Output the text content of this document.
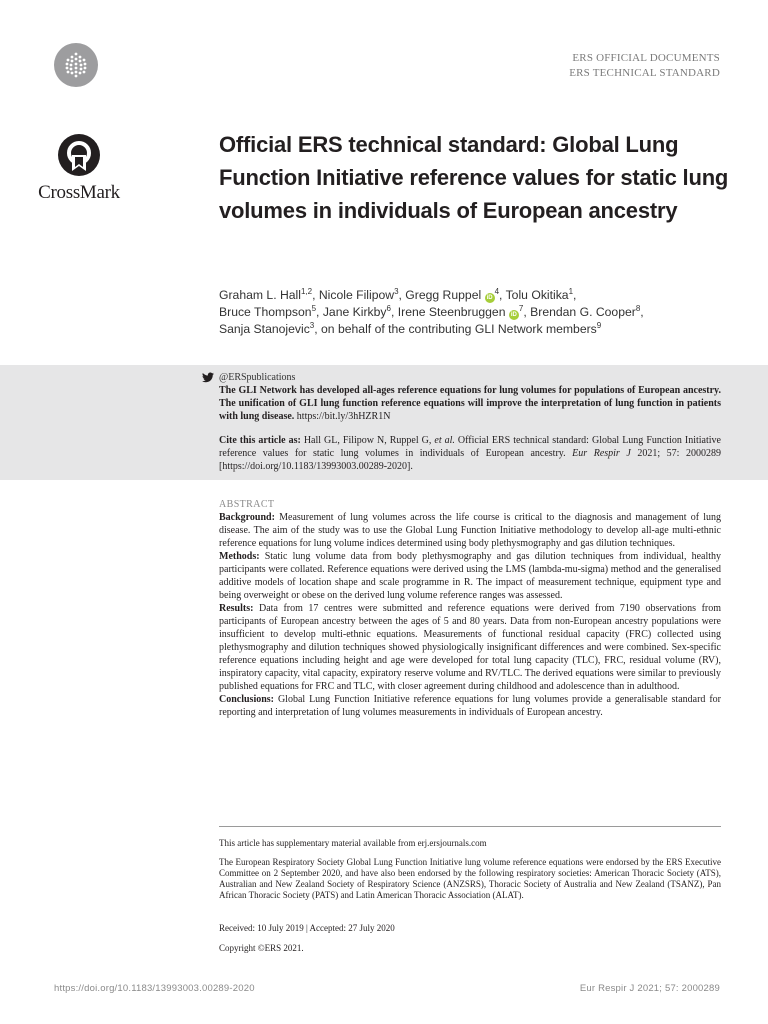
ERS OFFICIAL DOCUMENTS
ERS TECHNICAL STANDARD
CrossMark
Official ERS technical standard: Global Lung Function Initiative reference values for static lung volumes in individuals of European ancestry
Graham L. Hall$^{1,2}$, Nicole Filipow$^3$, Gregg Ruppel $iD^4$, Tolu Okitika$^1$,
Bruce Thompson$^5$, Jane Kirkby$^6$, Irene Steenbruggen $iD^7$, Brendan G. Cooper$^8$,
Sanja Stanojevic$^3$, on behalf of the contributing GLI Network members$^9$
@ERSpublications
The GLI Network has developed all-ages reference equations for lung volumes for populations of European ancestry. The unification of GLI lung function reference equations will improve the interpretation of lung function in patients with lung disease. https://bit.ly/3hHZR1N
Cite this article as: Hall GL, Filipow N, Ruppel G, et al. Official ERS technical standard: Global Lung Function Initiative reference values for static lung volumes in individuals of European ancestry. Eur Respir J 2021; 57: 2000289 [https://doi.org/10.1183/13993003.00289-2020].
ABSTRACT

Background: Measurement of lung volumes across the life course is critical to the diagnosis and management of lung disease. The aim of the study was to use the Global Lung Function Initiative methodology to develop all-age multi-ethnic reference equations for lung volume indices determined using body plethysmography and gas dilution techniques.

Methods: Static lung volume data from body plethysmography and gas dilution techniques from individual, healthy participants were collated. Reference equations were derived using the LMS (lambda-mu-sigma) method and the generalised additive models of location shape and scale programme in R. The impact of measurement technique, equipment type and being overweight or obese on the derived lung volume reference ranges was assessed.

Results: Data from 17 centres were submitted and reference equations were derived from 7190 observations from participants of European ancestry between the ages of 5 and 80 years. Data from non-European ancestry populations were insufficient to develop multi-ethnic equations. Measurements of functional residual capacity (FRC) collected using plethysmography and dilution techniques showed physiologically insignificant differences and were combined. Sex-specific reference equations including height and age were developed for total lung capacity (TLC), FRC, residual volume (RV), inspiratory capacity, vital capacity, expiratory reserve volume and RV/TLC. The derived equations were similar to previously published equations for FRC and TLC, with closer agreement during childhood and adolescence than in adulthood.

Conclusions: Global Lung Function Initiative reference equations for lung volumes provide a generalisable standard for reporting and interpretation of lung volumes measurements in individuals of European ancestry.

This article has supplementary material available from erj.ersjournals.com
The European Respiratory Society Global Lung Function Initiative lung volume reference equations were endorsed by the ERS Executive Committee on 2 September 2020, and have also been endorsed by the following respiratory societies: American Thoracic Society (ATS), Australian and New Zealand Society of Respiratory Science (ANZSRS), Thoracic Society of Australia and New Zealand (TSANZ), Pan African Thoracic Society (PATS) and Latin American Thoracic Association (ALAT).
Received: 10 July 2019 | Accepted: 27 July 2020
Copyright ©ERS 2021.
https://doi.org/10.1183/13993003.00289-2020	Eur Respir J 2021; 57: 2000289
